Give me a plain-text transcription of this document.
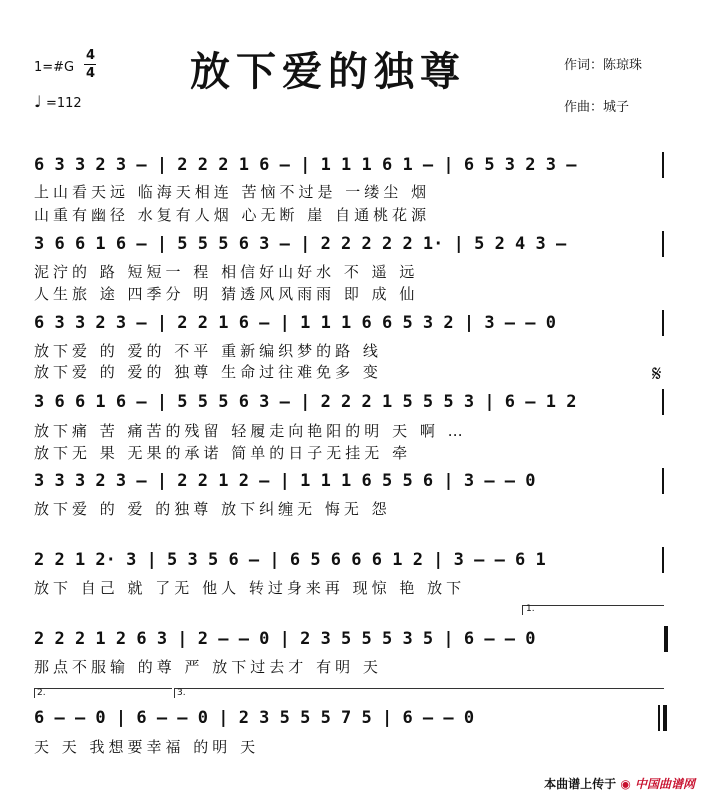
放下爱的独尊
1=#G
4
4
♩ =112
作词：陈琼珠
作曲：城子
6 3 3 2 3 – | 2 2 2 1 6 – | 1 1 1 6 1 – | 6 5 3 2 3 –
上山看天远 临海天相连 苦恼不过是 一缕尘 烟
山重有幽径 水复有人烟 心无断 崖 自通桃花源
3 6 6 1 6 – | 5 5 5 6 3 – | 2 2 2 2 2 1· | 5 2 4 3 –
泥泞的 路 短短一 程 相信好山好水 不 遥 远
人生旅 途 四季分 明 猜透风风雨雨 即 成 仙
6 3 3 2 3 – | 2 2 1 6 – | 1 1 1 6 6 5 3 2 | 3 – – 0
放下爱 的 爱的 不平 重新编织梦的路 线
放下爱 的 爱的 独尊 生命过往难免多 变
3 6 6 1 6 – | 5 5 5 6 3 – | 2 2 2 1 5 5 5 3 | 6 – 1 2
放下痛 苦 痛苦的残留 轻履走向艳阳的明 天 啊 …
放下无 果 无果的承诺 简单的日子无挂无 牵
3 3 3 2 3 – | 2 2 1 2 – | 1 1 1 6 5 5 6 | 3 – – 0
放下爱 的 爱 的独尊 放下纠缠无 悔无 怨
2 2 1 2· 3 | 5 3 5 6 – | 6 5 6 6 6 1 2 | 3 – – 6 1
放下 自己 就 了无 他人 转过身来再 现惊 艳 放下
2 2 2 1 2 6 3 | 2 – – 0 | 2 3 5 5 5 3 5 | 6 – – 0
那点不服输 的尊 严 放下过去才 有明 天
6 – – 0 | 6 – – 0 | 2 3 5 5 5 7 5 | 6 – – 0
天 天 我想要幸福 的明 天
𝄋
1.
2.	3.
本曲谱上传于 ◉ 中国曲谱网
